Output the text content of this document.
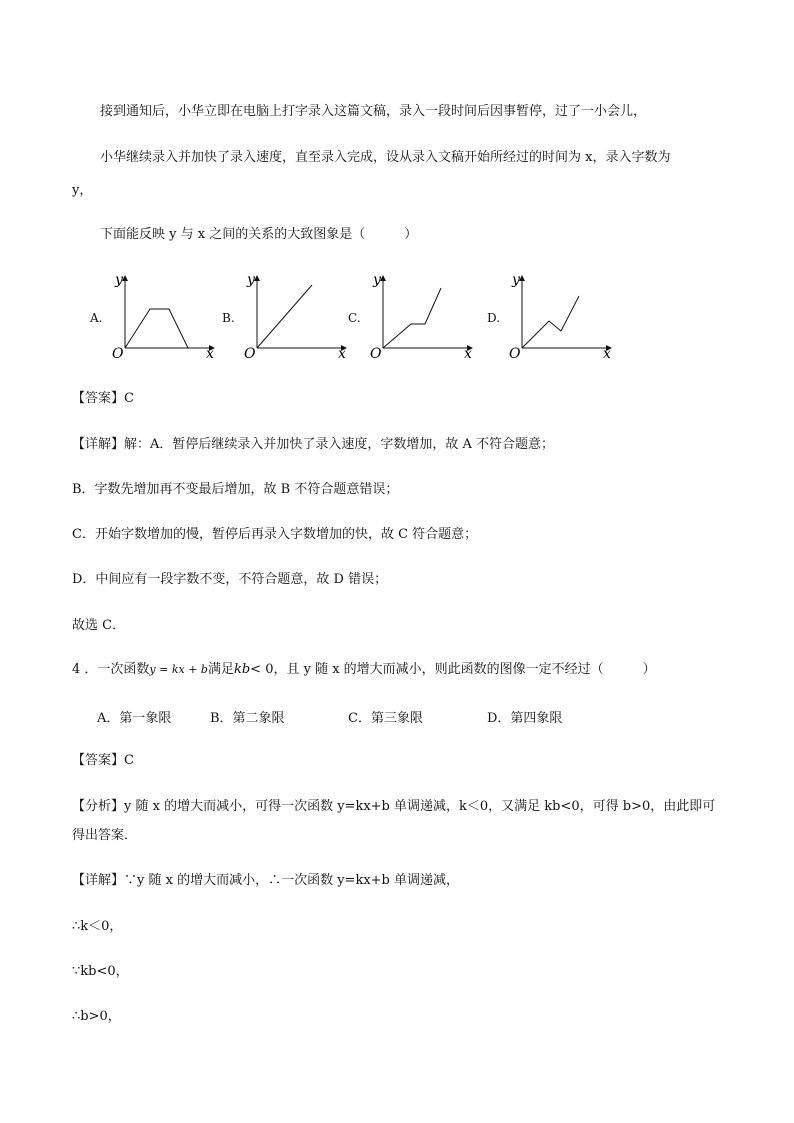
接到通知后，小华立即在电脑上打字录入这篇文稿，录入一段时间后因事暂停，过了一小会儿，
小华继续录入并加快了录入速度，直至录入完成，设从录入文稿开始所经过的时间为 x，录入字数为
y，
下面能反映 y 与 x 之间的关系的大致图象是（　　　）
A.
y
O	x
B.
y
O	x
C.
y
O	x
D.
y
O	x
【答案】C
【详解】解：A．暂停后继续录入并加快了录入速度，字数增加，故 A 不符合题意；
B．字数先增加再不变最后增加，故 B 不符合题意错误；
C．开始字数增加的慢，暂停后再录入字数增加的快，故 C 符合题意；
D．中间应有一段字数不变，不符合题意，故 D 错误；
故选 C．
4 ．一次函数y = kx + b满足kb< 0，且 y 随 x 的增大而减小，则此函数的图像一定不经过（　　　）
A．第一象限	B．第二象限	C．第三象限	D．第四象限
【答案】C
【分析】y 随 x 的增大而减小，可得一次函数 y=kx+b 单调递减，k＜0，又满足 kb<0，可得 b>0，由此即可
得出答案．
【详解】∵y 随 x 的增大而减小，∴一次函数 y=kx+b 单调递减，
∴k＜0，
∵kb<0，
∴b>0，
